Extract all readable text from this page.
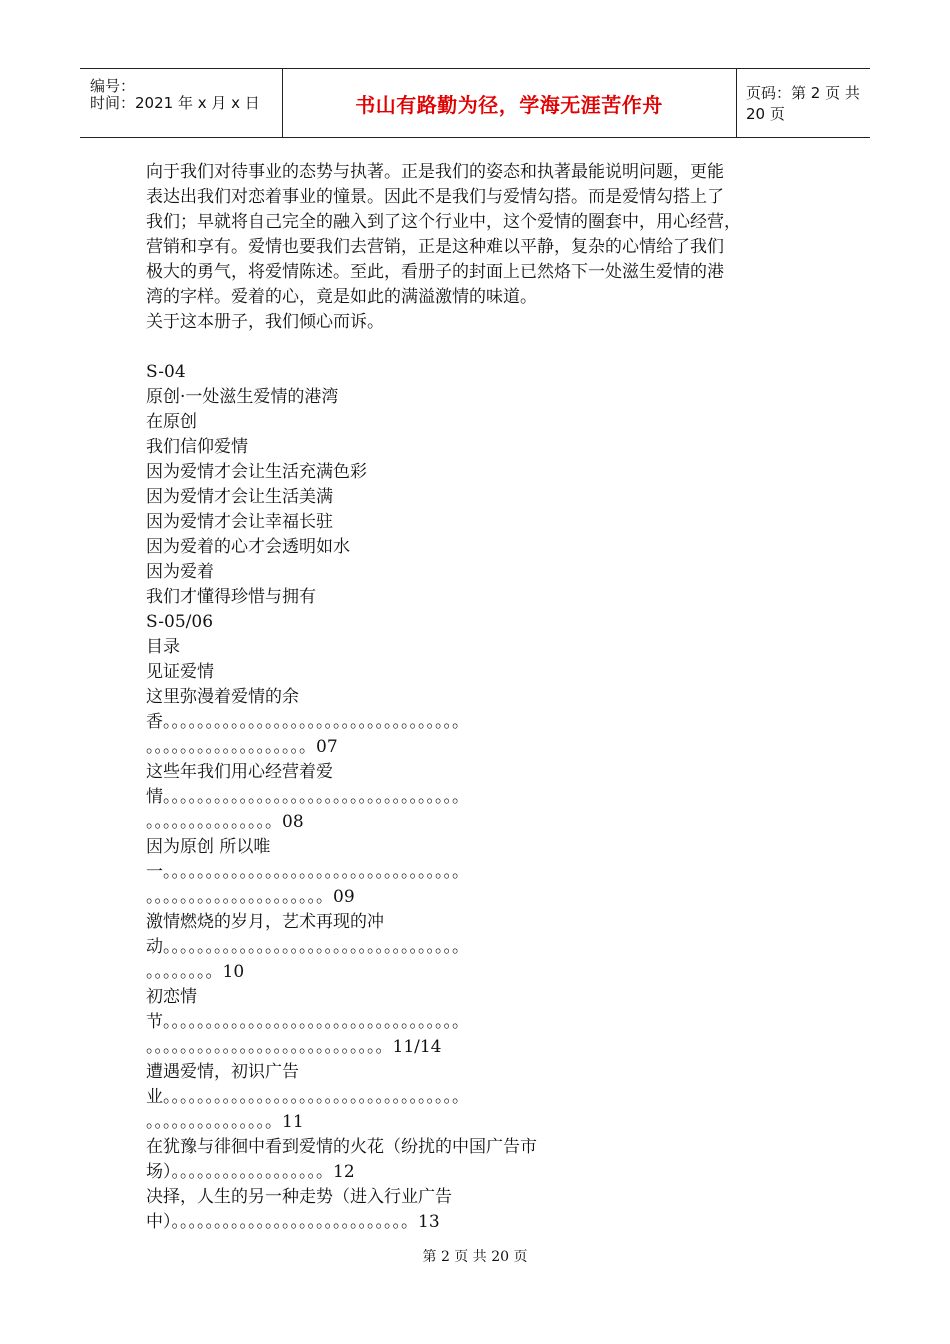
编号：
时间：2021 年 x 月 x 日	书山有路勤为径，学海无涯苦作舟	页码：第 2 页 共 20 页
向于我们对待事业的态势与执著。正是我们的姿态和执著最能说明问题，更能
表达出我们对恋着事业的憧景。因此不是我们与爱情勾搭。而是爱情勾搭上了
我们；早就将自己完全的融入到了这个行业中，这个爱情的圈套中，用心经营，
营销和享有。爱情也要我们去营销，正是这种难以平静，复杂的心情给了我们
极大的勇气，将爱情陈述。至此，看册子的封面上已然烙下一处滋生爱情的港
湾的字样。爱着的心，竟是如此的满溢激情的味道。
关于这本册子，我们倾心而诉。
S-04
原创·一处滋生爱情的港湾
在原创
我们信仰爱情
因为爱情才会让生活充满色彩
因为爱情才会让生活美满
因为爱情才会让幸福长驻
因为爱着的心才会透明如水
因为爱着
我们才懂得珍惜与拥有
S-05/06
目录
见证爱情
这里弥漫着爱情的余
香。。。。。。。。。。。。。。。。。。。。。。。。。。。。。。。。。。。
。。。。。。。。。。。。。。。。。。。07
这些年我们用心经营着爱
情。。。。。。。。。。。。。。。。。。。。。。。。。。。。。。。。。。。
。。。。。。。。。。。。。。。08
因为原创 所以唯
一。。。。。。。。。。。。。。。。。。。。。。。。。。。。。。。。。。。
。。。。。。。。。。。。。。。。。。。。。09
激情燃烧的岁月，艺术再现的冲
动。。。。。。。。。。。。。。。。。。。。。。。。。。。。。。。。。。。
。。。。。。。。10
初恋情
节。。。。。。。。。。。。。。。。。。。。。。。。。。。。。。。。。。。
。。。。。。。。。。。。。。。。。。。。。。。。。。。。11/14
遭遇爱情，初识广告
业。。。。。。。。。。。。。。。。。。。。。。。。。。。。。。。。。。。
。。。。。。。。。。。。。。。11
在犹豫与徘徊中看到爱情的火花（纷扰的中国广告市
场）。。。。。。。。。。。。。。。。。。12
决择，人生的另一种走势（进入行业广告
中）。。。。。。。。。。。。。。。。。。。。。。。。。。。。13
第 2 页 共 20 页
